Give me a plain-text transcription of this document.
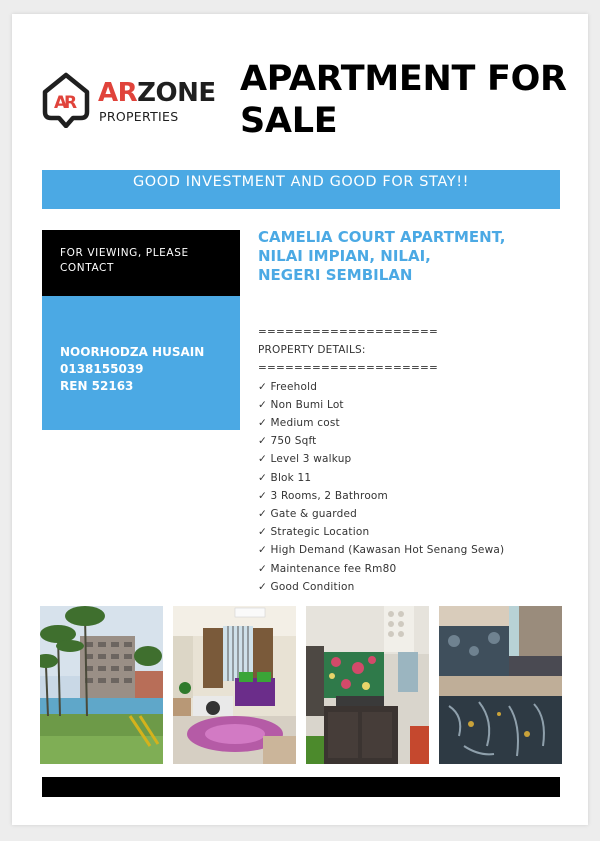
A
R ARZONE
PROPERTIES
APARTMENT FOR
SALE
GOOD INVESTMENT AND GOOD FOR STAY!!
FOR VIEWING, PLEASE
CONTACT
NOORHODZA HUSAIN
0138155039
REN 52163
CAMELIA COURT APARTMENT,
NILAI IMPIAN, NILAI,
NEGERI SEMBILAN
====================
PROPERTY DETAILS:
====================
✓ Freehold
✓ Non Bumi Lot
✓ Medium cost
✓ 750 Sqft
✓ Level 3 walkup
✓ Blok 11
✓ 3 Rooms, 2 Bathroom
✓ Gate & guarded
✓ Strategic Location
✓ High Demand (Kawasan Hot Senang Sewa)
✓ Maintenance fee Rm80
✓ Good Condition
